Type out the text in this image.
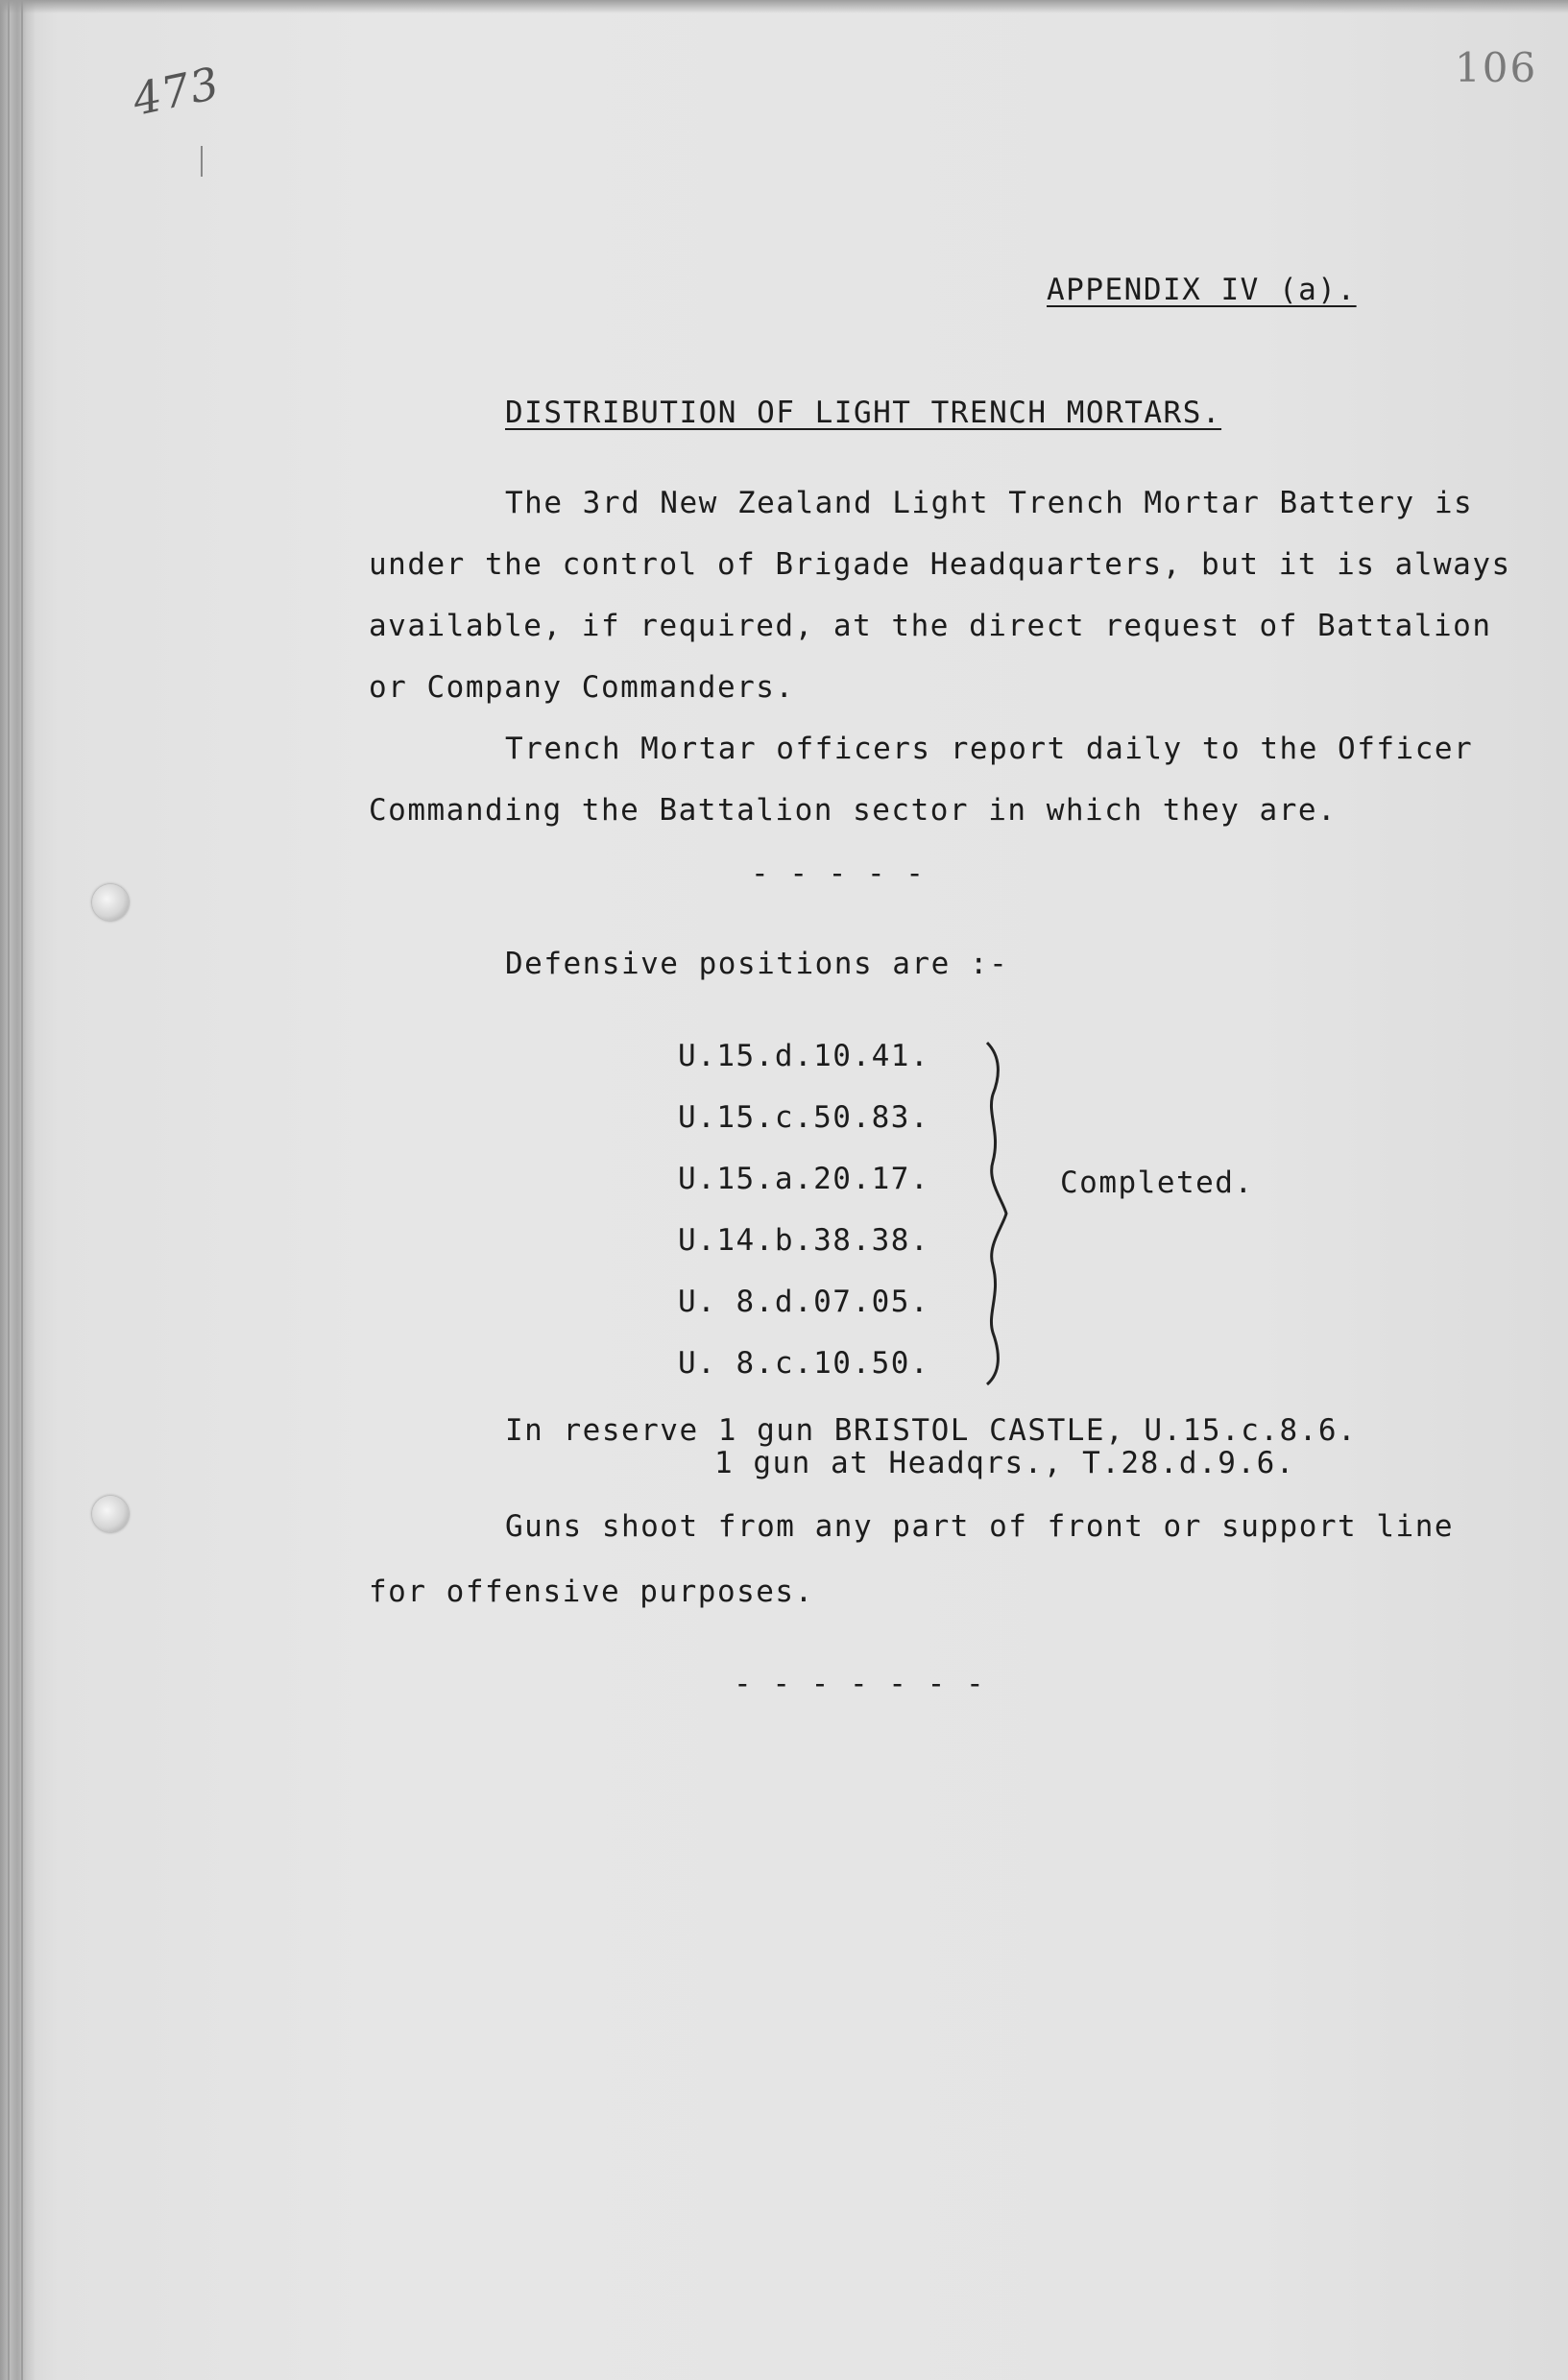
473	106
APPENDIX IV (a).
DISTRIBUTION OF LIGHT TRENCH MORTARS.
The 3rd New Zealand Light Trench Mortar Battery is
under the control of Brigade Headquarters, but it is always
available, if required, at the direct request of Battalion
or Company Commanders.
Trench Mortar officers report daily to the Officer
Commanding the Battalion sector in which they are.
- - - - -
Defensive positions are :-
U.15.d.10.41.
U.15.c.50.83.
U.15.a.20.17.
U.14.b.38.38.
U. 8.d.07.05.
U. 8.c.10.50.
Completed.
In reserve 1 gun BRISTOL CASTLE, U.15.c.8.6.
1 gun at Headqrs., T.28.d.9.6.
Guns shoot from any part of front or support line
for offensive purposes.
- - - - - - -
